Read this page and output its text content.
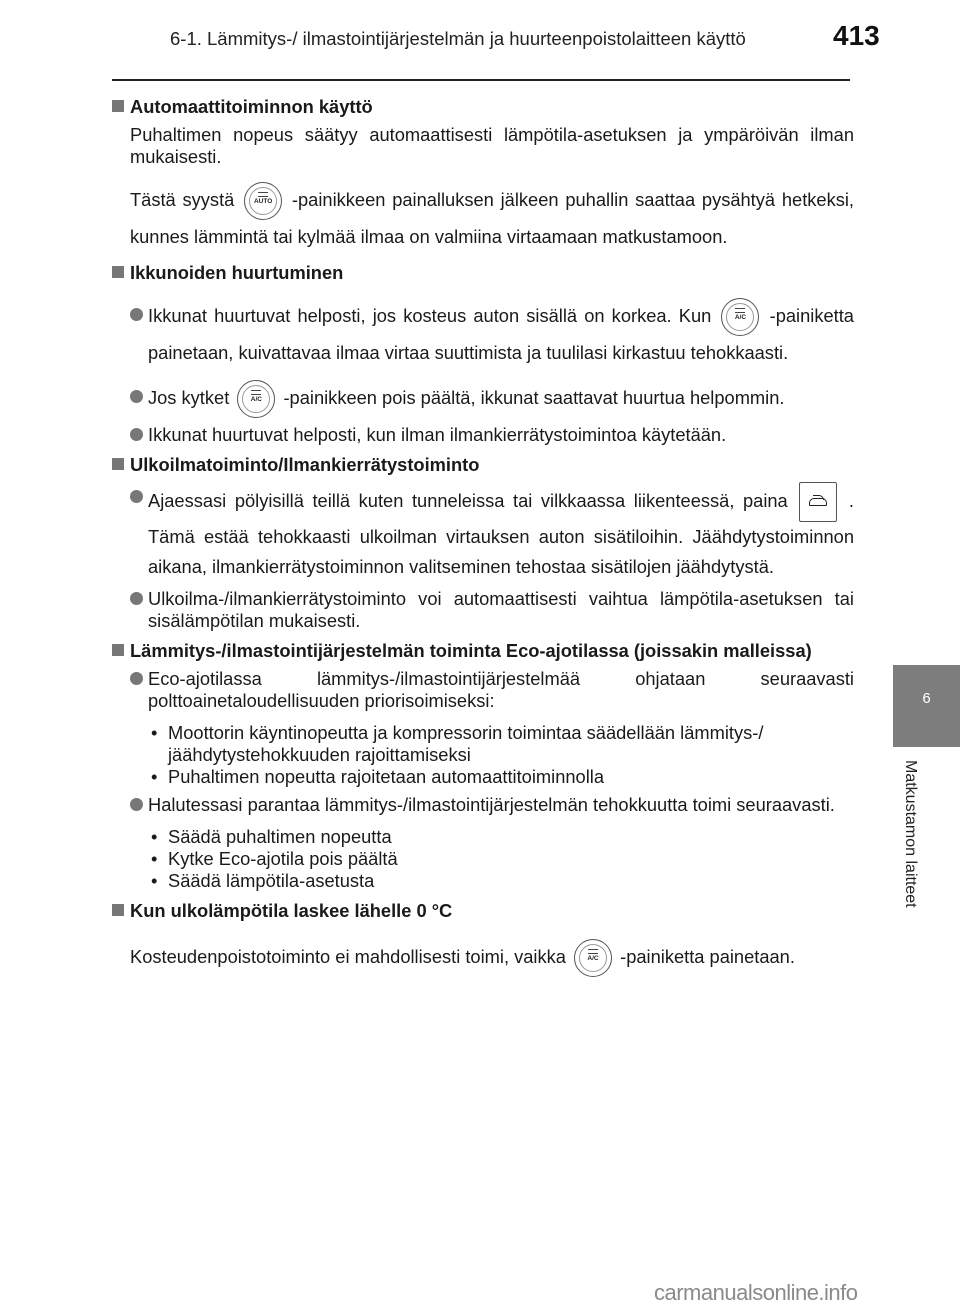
6-1. Lämmitys-/ ilmastointijärjestelmän ja huurteenpoistolaitteen käyttö	413
6
Matkustamon laitteet
Automaattitoiminnon käyttö
Puhaltimen nopeus säätyy automaattisesti lämpötila-asetuksen ja ympäröivän ilman mukaisesti.
Tästä syystä	AUTO	-painikkeen painalluksen jälkeen puhallin saattaa pysähtyä hetkeksi, kunnes lämmintä tai kylmää ilmaa on valmiina virtaamaan matkustamoon.
Ikkunoiden huurtuminen
Ikkunat huurtuvat helposti, jos kosteus auton sisällä on korkea. Kun	A/C	-painiketta painetaan, kuivattavaa ilmaa virtaa suuttimista ja tuulilasi kirkastuu tehokkaasti.
Jos kytket	A/C	-painikkeen pois päältä, ikkunat saattavat huurtua helpommin.
Ikkunat huurtuvat helposti, kun ilman ilmankierrätystoimintoa käytetään.
Ulkoilmatoiminto/Ilmankierrätystoiminto
Ajaessasi pölyisillä teillä kuten tunneleissa tai vilkkaassa liikenteessä, paina	. Tämä estää tehokkaasti ulkoilman virtauksen auton sisätiloihin. Jäähdytystoiminnon aikana, ilmankierrätystoiminnon valitseminen tehostaa sisätilojen jäähdytystä.
Ulkoilma-/ilmankierrätystoiminto voi automaattisesti vaihtua lämpötila-asetuksen tai sisälämpötilan mukaisesti.
Lämmitys-/ilmastointijärjestelmän toiminta Eco-ajotilassa (joissakin malleissa)
Eco-ajotilassa lämmitys-/ilmastointijärjestelmää ohjataan seuraavasti polttoainetaloudellisuuden priorisoimiseksi:
• Moottorin käyntinopeutta ja kompressorin toimintaa säädellään lämmitys-/ jäähdytystehokkuuden rajoittamiseksi
• Puhaltimen nopeutta rajoitetaan automaattitoiminnolla
Halutessasi parantaa lämmitys-/ilmastointijärjestelmän tehokkuutta toimi seuraavasti.
• Säädä puhaltimen nopeutta
• Kytke Eco-ajotila pois päältä
• Säädä lämpötila-asetusta
Kun ulkolämpötila laskee lähelle 0 °C
Kosteudenpoistotoiminto ei mahdollisesti toimi, vaikka	A/C	-painiketta painetaan.
carmanualsonline.info
